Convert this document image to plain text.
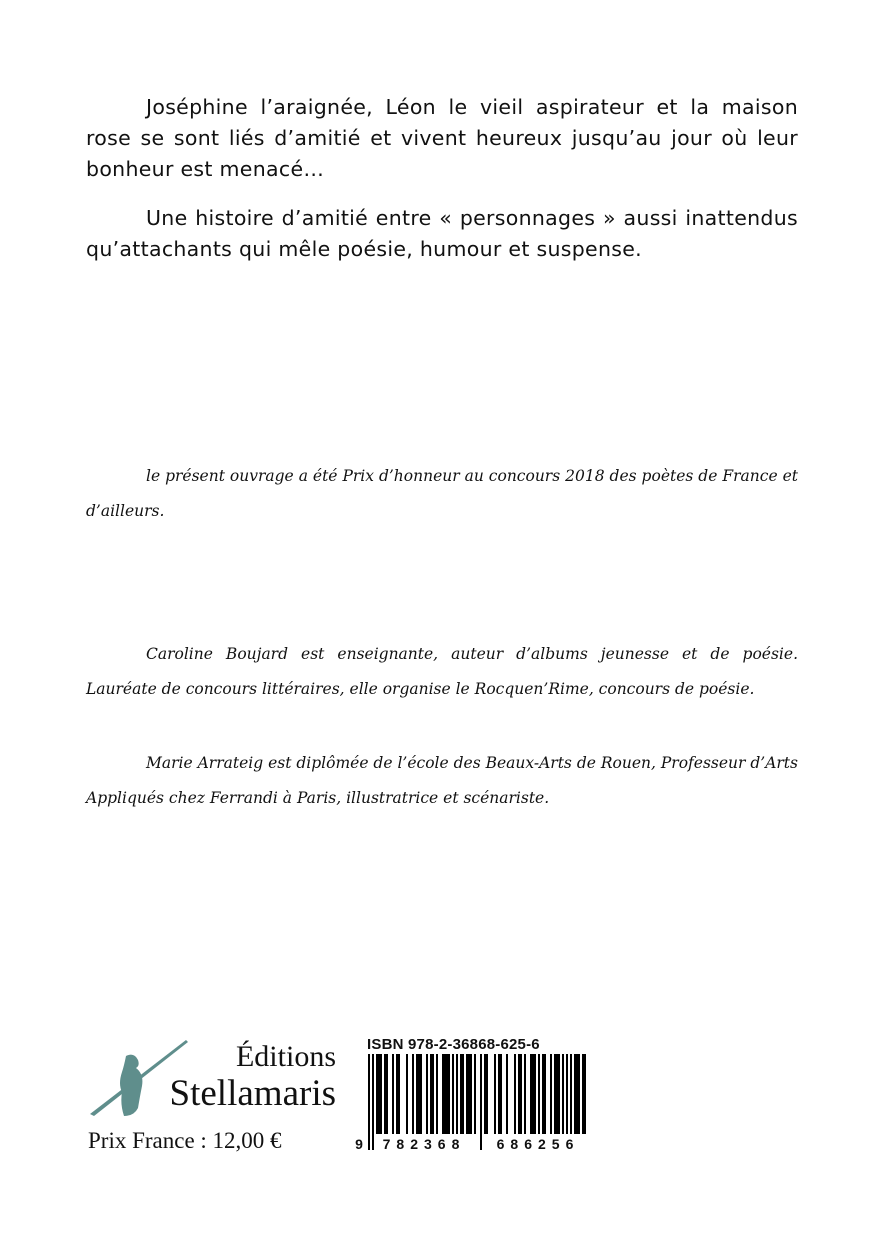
Joséphine l’araignée, Léon le vieil aspirateur et la maison rose se sont liés d’amitié et vivent heureux jusqu’au jour où leur bonheur est menacé…

Une histoire d’amitié entre « personnages » aussi inattendus qu’attachants qui mêle poésie, humour et suspense.

le présent ouvrage a été Prix d’honneur au concours 2018 des poètes de France et d’ailleurs.

Caroline Boujard est enseignante, auteur d’albums jeunesse et de poésie. Lauréate de concours littéraires, elle organise le Rocquen’Rime, concours de poésie.

Marie Arrateig est diplômée de l’école des Beaux-Arts de Rouen, Professeur d’Arts Appliqués chez Ferrandi à Paris, illustratrice et scénariste.

Éditions
Stellamaris
Prix France : 12,00 €
ISBN 978-2-36868-625-6
9	782368	686256
